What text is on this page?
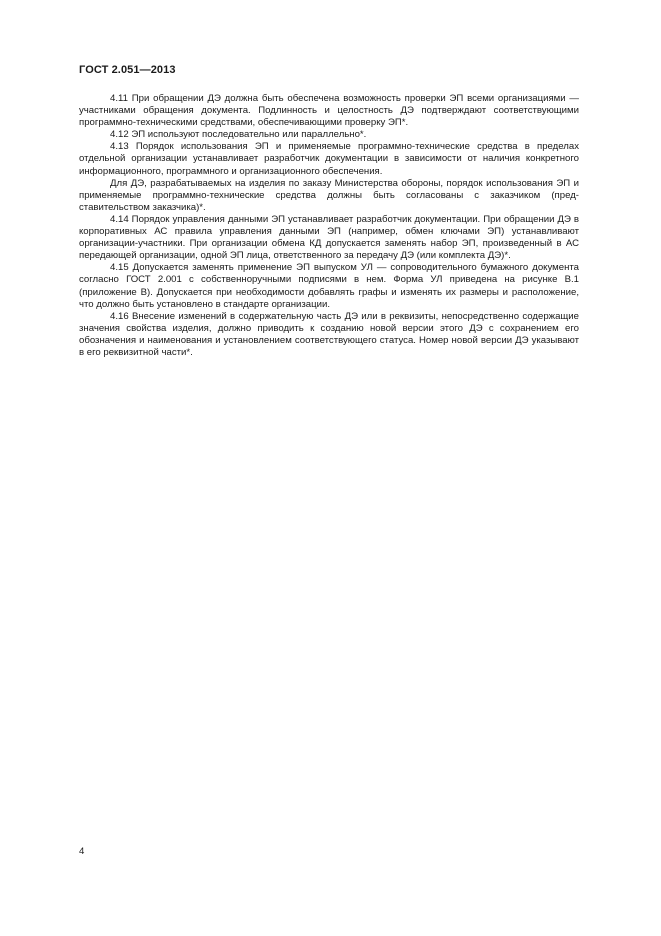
ГОСТ 2.051—2013

4.11 При обращении ДЭ должна быть обеспечена возможность проверки ЭП всеми организациями — участниками обращения документа. Подлинность и целостность ДЭ подтверждают соответствующими программно-техническими средствами, обеспечивающими проверку ЭП*.

4.12 ЭП используют последовательно или параллельно*.

4.13 Порядок использования ЭП и применяемые программно-технические средства в пределах отдельной организации устанавливает разработчик документации в зависимости от наличия конкретного информационного, программного и организационного обеспечения.

Для ДЭ, разрабатываемых на изделия по заказу Министерства обороны, порядок использования ЭП и применяемые программно-технические средства должны быть согласованы с заказчиком (представительством заказчика)*.

4.14 Порядок управления данными ЭП устанавливает разработчик документации. При обращении ДЭ в корпоративных АС правила управления данными ЭП (например, обмен ключами ЭП) устанавливают организации-участники. При организации обмена КД допускается заменять набор ЭП, произведенный в АС передающей организации, одной ЭП лица, ответственного за передачу ДЭ (или комплекта ДЭ)*.

4.15 Допускается заменять применение ЭП выпуском УЛ — сопроводительного бумажного документа согласно ГОСТ 2.001 с собственноручными подписями в нем. Форма УЛ приведена на рисунке В.1 (приложение В). Допускается при необходимости добавлять графы и изменять их размеры и расположение, что должно быть установлено в стандарте организации.

4.16 Внесение изменений в содержательную часть ДЭ или в реквизиты, непосредственно содержащие значения свойства изделия, должно приводить к созданию новой версии этого ДЭ с сохранением его обозначения и наименования и установлением соответствующего статуса. Номер новой версии ДЭ указывают в его реквизитной части*.

4
